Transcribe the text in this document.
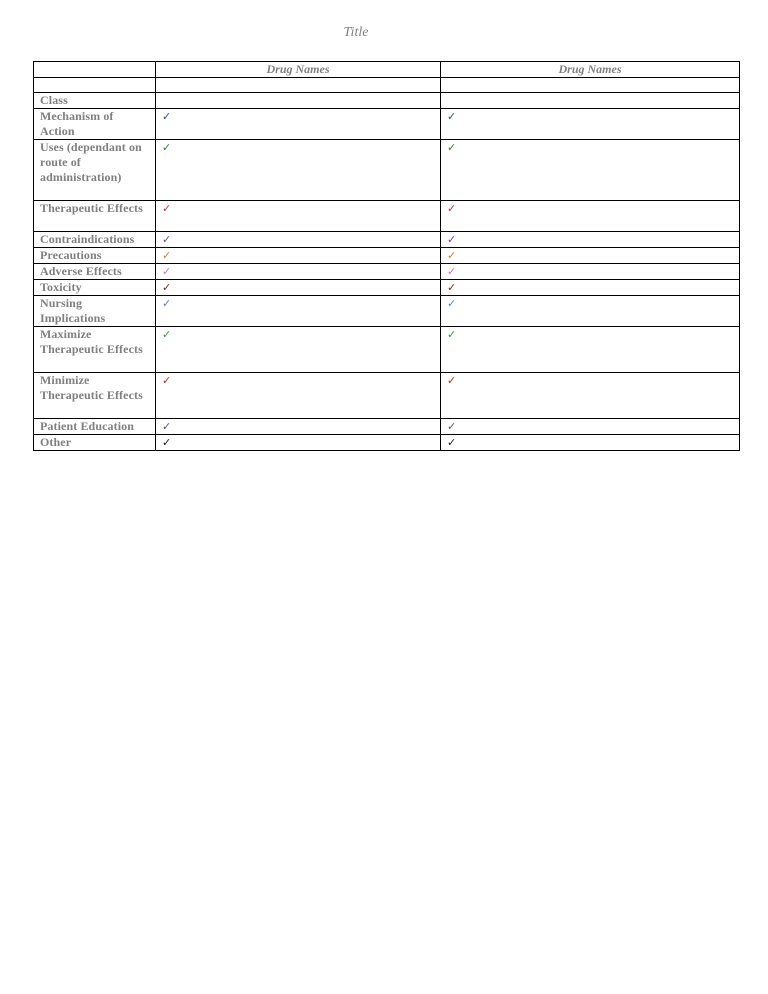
Title
	Drug Names	Drug Names

Class		
Mechanism of Action	✓	✓
Uses (dependant on route of administration)	✓	✓
Therapeutic Effects	✓	✓
Contraindications	✓	✓
Precautions	✓	✓
Adverse Effects	✓	✓
Toxicity	✓	✓
Nursing Implications	✓	✓
Maximize Therapeutic Effects	✓	✓
Minimize Therapeutic Effects	✓	✓
Patient Education	✓	✓
Other	✓	✓
